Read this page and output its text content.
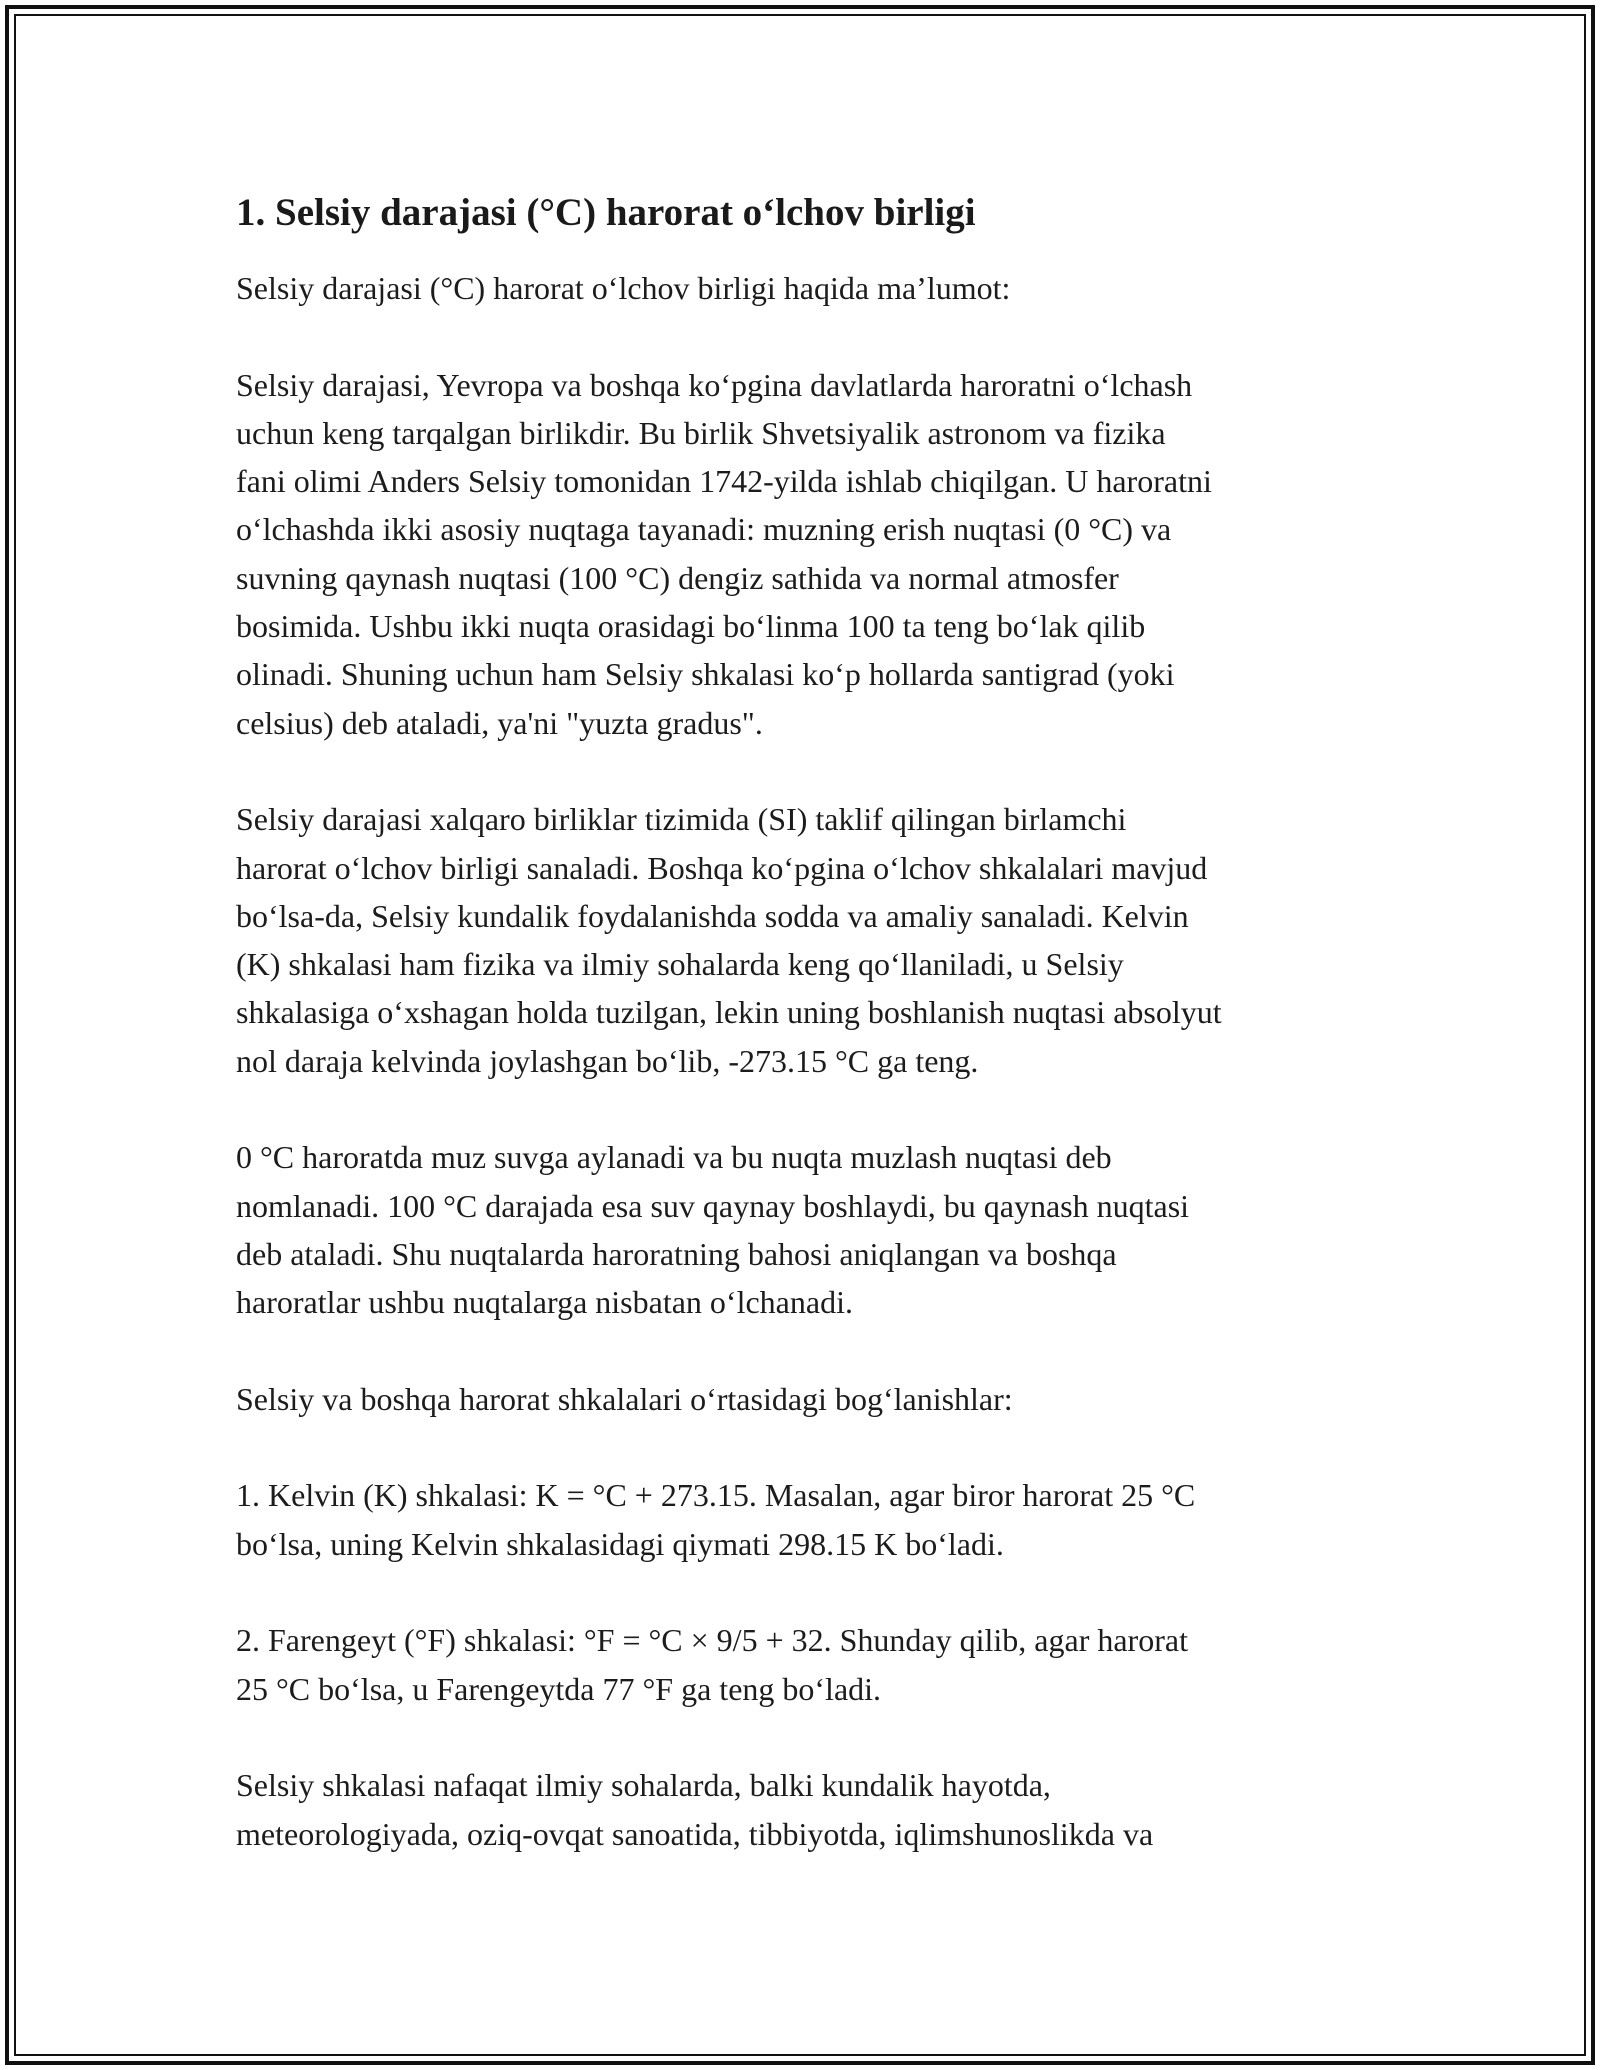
1. Selsiy darajasi (°C) harorat o‘lchov birligi

Selsiy darajasi (°C) harorat o‘lchov birligi haqida ma’lumot:

Selsiy darajasi, Yevropa va boshqa ko‘pgina davlatlarda haroratni o‘lchash
uchun keng tarqalgan birlikdir. Bu birlik Shvetsiyalik astronom va fizika
fani olimi Anders Selsiy tomonidan 1742-yilda ishlab chiqilgan. U haroratni
o‘lchashda ikki asosiy nuqtaga tayanadi: muzning erish nuqtasi (0 °C) va
suvning qaynash nuqtasi (100 °C) dengiz sathida va normal atmosfer
bosimida. Ushbu ikki nuqta orasidagi bo‘linma 100 ta teng bo‘lak qilib
olinadi. Shuning uchun ham Selsiy shkalasi ko‘p hollarda santigrad (yoki
celsius) deb ataladi, ya'ni "yuzta gradus".

Selsiy darajasi xalqaro birliklar tizimida (SI) taklif qilingan birlamchi
harorat o‘lchov birligi sanaladi. Boshqa ko‘pgina o‘lchov shkalalari mavjud
bo‘lsa-da, Selsiy kundalik foydalanishda sodda va amaliy sanaladi. Kelvin
(K) shkalasi ham fizika va ilmiy sohalarda keng qo‘llaniladi, u Selsiy
shkalasiga o‘xshagan holda tuzilgan, lekin uning boshlanish nuqtasi absolyut
nol daraja kelvinda joylashgan bo‘lib, -273.15 °C ga teng.

0 °C haroratda muz suvga aylanadi va bu nuqta muzlash nuqtasi deb
nomlanadi. 100 °C darajada esa suv qaynay boshlaydi, bu qaynash nuqtasi
deb ataladi. Shu nuqtalarda haroratning bahosi aniqlangan va boshqa
haroratlar ushbu nuqtalarga nisbatan o‘lchanadi.

Selsiy va boshqa harorat shkalalari o‘rtasidagi bog‘lanishlar:

1. Kelvin (K) shkalasi: K = °C + 273.15. Masalan, agar biror harorat 25 °C
bo‘lsa, uning Kelvin shkalasidagi qiymati 298.15 K bo‘ladi.

2. Farengeyt (°F) shkalasi: °F = °C × 9/5 + 32. Shunday qilib, agar harorat
25 °C bo‘lsa, u Farengeytda 77 °F ga teng bo‘ladi.

Selsiy shkalasi nafaqat ilmiy sohalarda, balki kundalik hayotda,
meteorologiyada, oziq-ovqat sanoatida, tibbiyotda, iqlimshunoslikda va
